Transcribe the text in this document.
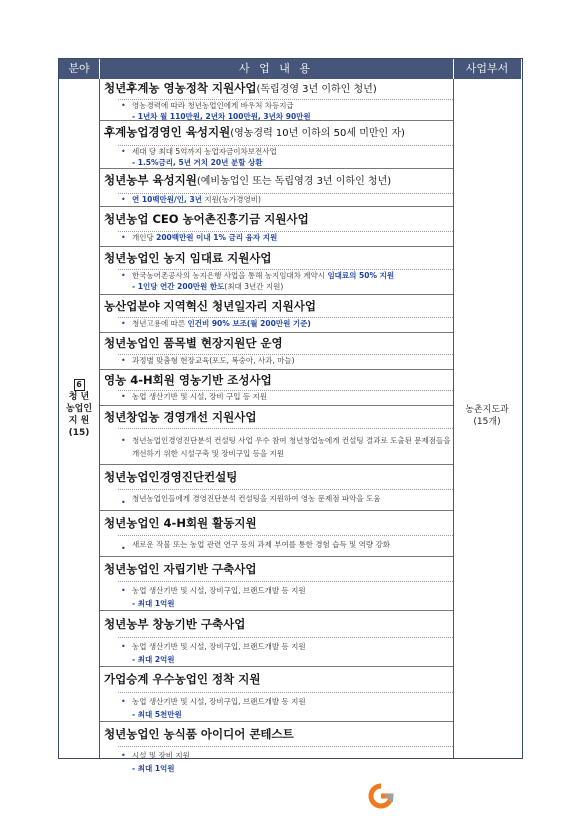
분야	사 업 내 용	사업부서
6
청 년
농업인
지 원
(15)
농촌지도과
(15개)
청년후계농 영농정착 지원사업(독립경영 3년 이하인 청년)
• 영농경력에 따라 청년농업인에게 바우처 차등지급
- 1년차 월 110만원, 2년차 100만원, 3년차 90만원
후계농업경영인 육성지원(영농경력 10년 이하의 50세 미만인 자)
• 세대 당 최대 5억까지 농업자금이차보전사업
- 1.5%금리, 5년 거치 20년 분할 상환
청년농부 육성지원(예비농업인 또는 독립영경 3년 이하인 청년)
• 연 10백만원/인, 3년 지원(농가경영비)
청년농업 CEO 농어촌진흥기금 지원사업
• 개인당 200백만원 이내 1% 금리 융자 지원
청년농업인 농지 임대료 지원사업
• 한국농어촌공사의 농지은행 사업을 통해 농지임대차 계약시 임대료의 50% 지원
- 1인당 연간 200만원 한도(최대 3년간 지원)
농산업분야 지역혁신 청년일자리 지원사업
• 청년고용에 따른 인건비 90% 보조(월 200만원 기준)
청년농업인 품목별 현장지원단 운영
• 과정별 맞춤형 현장교육(포도, 복숭아, 사과, 마늘)
영농 4-H회원 영농기반 조성사업
• 농업 생산기반 및 시설, 장비 구입 등 지원
청년창업농 경영개선 지원사업
• 청년농업인경영진단분석 컨설팅 사업 우수 참여 청년창업농에게 컨설팅 결과로 도출된 문제점들을 개선하기 위한 시설구축 및 장비구입 등을 지원
청년농업인경영진단컨설팅
• 청년농업인들에게 경영진단분석 컨설팅을 지원하여 영농 문제점 파악을 도움
청년농업인 4-H회원 활동지원
• 새로운 작물 또는 농업 관련 연구 등의 과제 부여를 통한 경험 습득 및 역량 강화
청년농업인 자립기반 구축사업
• 농업 생산기반 및 시설, 장비구입, 브랜드개발 등 지원
- 최대 1억원
청년농부 창농기반 구축사업
• 농업 생산기반 및 시설, 장비구입, 브랜드개발 등 지원
- 최대 2억원
가업승계 우수농업인 정착 지원
• 농업 생산기반 및 시설, 장비구입, 브랜드개발 등 지원
- 최대 5천만원
청년농업인 농식품 아이디어 콘테스트
• 시설 및 장비 지원
- 최대 1억원
